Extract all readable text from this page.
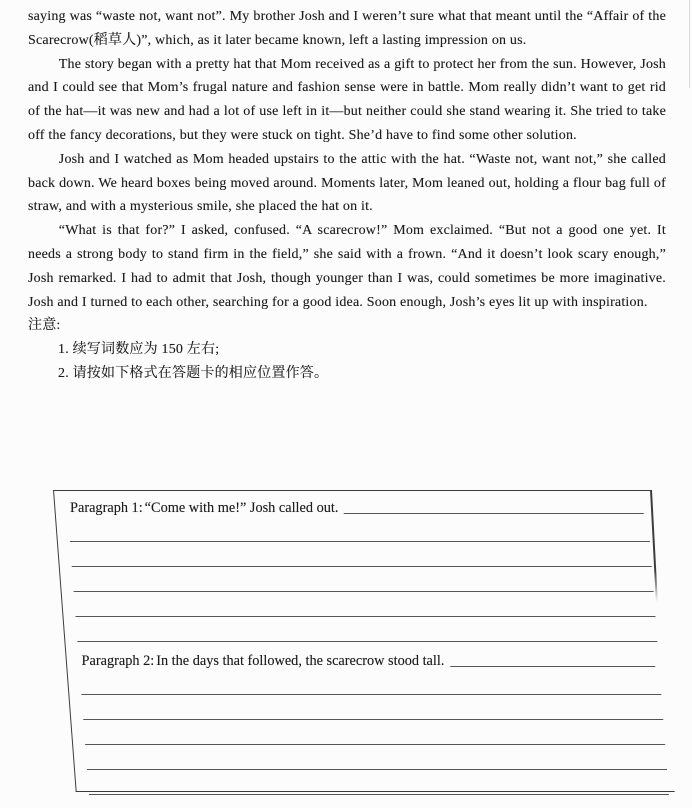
saying was “waste not, want not”. My brother Josh and I weren’t sure what that meant until the “Affair of the Scarecrow(稻草人)”, which, as it later became known, left a lasting impression on us.

The story began with a pretty hat that Mom received as a gift to protect her from the sun. However, Josh and I could see that Mom’s frugal nature and fashion sense were in battle. Mom really didn’t want to get rid of the hat—it was new and had a lot of use left in it—but neither could she stand wearing it. She tried to take off the fancy decorations, but they were stuck on tight. She’d have to find some other solution.

Josh and I watched as Mom headed upstairs to the attic with the hat. “Waste not, want not,” she called back down. We heard boxes being moved around. Moments later, Mom leaned out, holding a flour bag full of straw, and with a mysterious smile, she placed the hat on it.

“What is that for?” I asked, confused. “A scarecrow!” Mom exclaimed. “But not a good one yet. It needs a strong body to stand firm in the field,” she said with a frown. “And it doesn’t look scary enough,” Josh remarked. I had to admit that Josh, though younger than I was, could sometimes be more imaginative. Josh and I turned to each other, searching for a good idea. Soon enough, Josh’s eyes lit up with inspiration.

注意:

1. 续写词数应为 150 左右;

2. 请按如下格式在答题卡的相应位置作答。

Paragraph 1: “Come with me!” Josh called out.
Paragraph 2: In the days that followed, the scarecrow stood tall.
